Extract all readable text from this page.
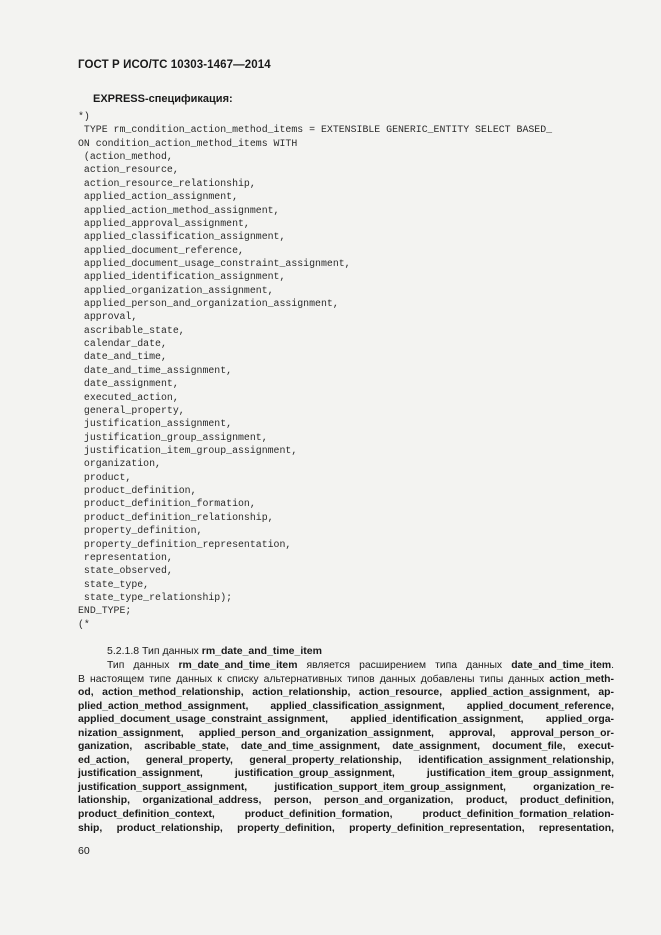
ГОСТ Р ИСО/ТС 10303-1467—2014
EXPRESS-спецификация:
*)
TYPE rm_condition_action_method_items = EXTENSIBLE GENERIC_ENTITY SELECT BASED_
ON condition_action_method_items WITH
(action_method,
action_resource,
action_resource_relationship,
applied_action_assignment,
applied_action_method_assignment,
applied_approval_assignment,
applied_classification_assignment,
applied_document_reference,
applied_document_usage_constraint_assignment,
applied_identification_assignment,
applied_organization_assignment,
applied_person_and_organization_assignment,
approval,
ascribable_state,
calendar_date,
date_and_time,
date_and_time_assignment,
date_assignment,
executed_action,
general_property,
justification_assignment,
justification_group_assignment,
justification_item_group_assignment,
organization,
product,
product_definition,
product_definition_formation,
product_definition_relationship,
property_definition,
property_definition_representation,
representation,
state_observed,
state_type,
state_type_relationship);
END_TYPE;
(*
5.2.1.8 Тип данных rm_date_and_time_item
Тип данных rm_date_and_time_item является расширением типа данных date_and_time_item.
В настоящем типе данных к списку альтернативных типов данных добавлены типы данных action_meth-
od, action_method_relationship, action_relationship, action_resource, applied_action_assignment, ap-
plied_action_method_assignment, applied_classification_assignment, applied_document_reference,
applied_document_usage_constraint_assignment, applied_identification_assignment, applied_orga-
nization_assignment, applied_person_and_organization_assignment, approval, approval_person_or-
ganization, ascribable_state, date_and_time_assignment, date_assignment, document_file, execut-
ed_action, general_property, general_property_relationship, identification_assignment_relationship,
justification_assignment, justification_group_assignment, justification_item_group_assignment,
justification_support_assignment, justification_support_item_group_assignment, organization_re-
lationship, organizational_address, person, person_and_organization, product, product_definition,
product_definition_context, product_definition_formation, product_definition_formation_relation-
ship, product_relationship, property_definition, property_definition_representation, representation,
60
